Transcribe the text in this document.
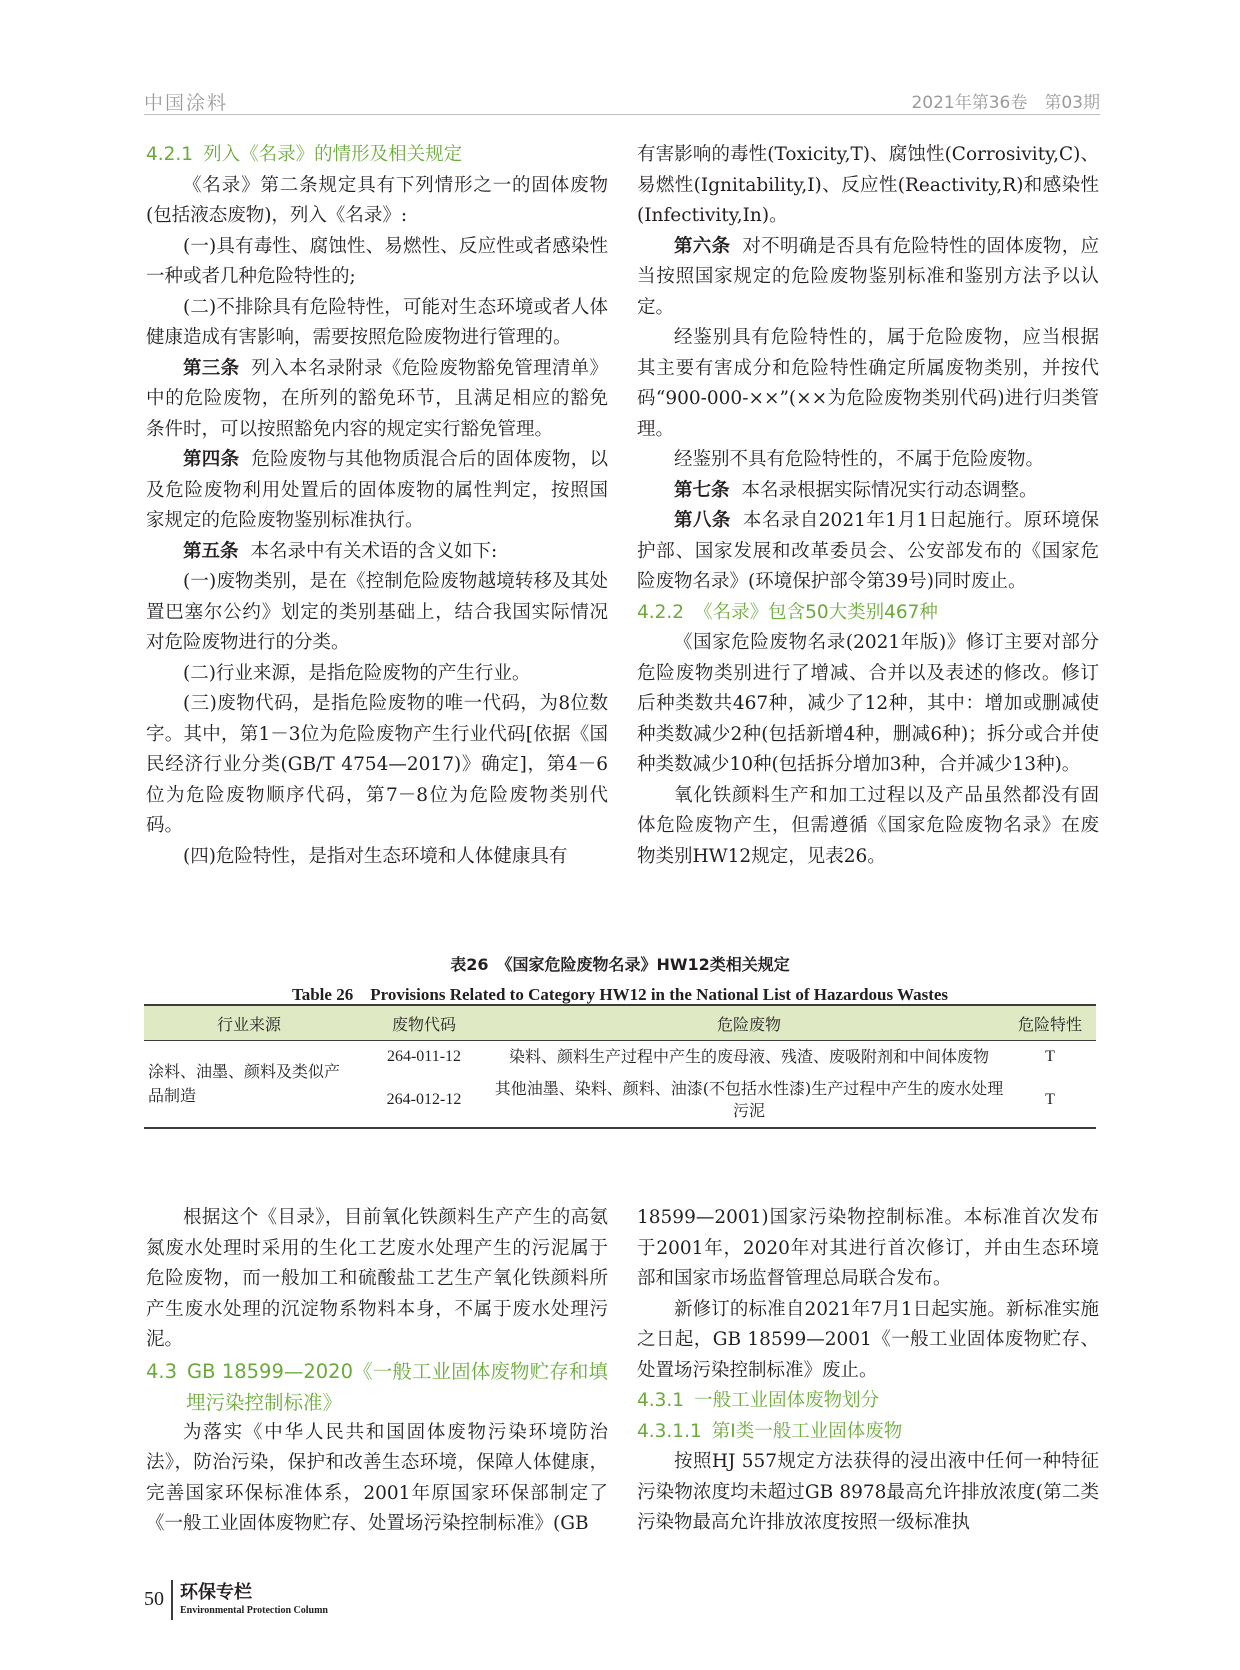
中国涂料	2021年第36卷　第03期

4.2.1 列入《名录》的情形及相关规定

《名录》第二条规定具有下列情形之一的固体废物(包括液态废物)，列入《名录》:

(一)具有毒性、腐蚀性、易燃性、反应性或者感染性一种或者几种危险特性的;

(二)不排除具有危险特性，可能对生态环境或者人体健康造成有害影响，需要按照危险废物进行管理的。

第三条 列入本名录附录《危险废物豁免管理清单》中的危险废物，在所列的豁免环节，且满足相应的豁免条件时，可以按照豁免内容的规定实行豁免管理。

第四条 危险废物与其他物质混合后的固体废物，以及危险废物利用处置后的固体废物的属性判定，按照国家规定的危险废物鉴别标准执行。

第五条 本名录中有关术语的含义如下:

(一)废物类别，是在《控制危险废物越境转移及其处置巴塞尔公约》划定的类别基础上，结合我国实际情况对危险废物进行的分类。

(二)行业来源，是指危险废物的产生行业。

(三)废物代码，是指危险废物的唯一代码，为8位数字。其中，第1－3位为危险废物产生行业代码[依据《国民经济行业分类(GB/T 4754—2017)》确定]，第4－6位为危险废物顺序代码，第7－8位为危险废物类别代码。

(四)危险特性，是指对生态环境和人体健康具有

有害影响的毒性(Toxicity,T)、腐蚀性(Corrosivity,C)、易燃性(Ignitability,I)、反应性(Reactivity,R)和感染性(Infectivity,In)。

第六条 对不明确是否具有危险特性的固体废物，应当按照国家规定的危险废物鉴别标准和鉴别方法予以认定。

经鉴别具有危险特性的，属于危险废物，应当根据其主要有害成分和危险特性确定所属废物类别，并按代码“900-000-××”(××为危险废物类别代码)进行归类管理。

经鉴别不具有危险特性的，不属于危险废物。

第七条 本名录根据实际情况实行动态调整。

第八条 本名录自2021年1月1日起施行。原环境保护部、国家发展和改革委员会、公安部发布的《国家危险废物名录》(环境保护部令第39号)同时废止。

4.2.2 《名录》包含50大类别467种

《国家危险废物名录(2021年版)》修订主要对部分危险废物类别进行了增减、合并以及表述的修改。修订后种类数共467种，减少了12种，其中：增加或删减使种类数减少2种(包括新增4种，删减6种)；拆分或合并使种类数减少10种(包括拆分增加3种，合并减少13种)。

氧化铁颜料生产和加工过程以及产品虽然都没有固体危险废物产生，但需遵循《国家危险废物名录》在废物类别HW12规定，见表26。

表26　《国家危险废物名录》HW12类相关规定
Table 26　Provisions Related to Category HW12 in the National List of Hazardous Wastes
行业来源	废物代码	危险废物	危险特性
涂料、油墨、颜料及类似产品制造	264-011-12	染料、颜料生产过程中产生的废母液、残渣、废吸附剂和中间体废物	T
	264-012-12	其他油墨、染料、颜料、油漆(不包括水性漆)生产过程中产生的废水处理污泥	T

根据这个《目录》，目前氧化铁颜料生产产生的高氨氮废水处理时采用的生化工艺废水处理产生的污泥属于危险废物，而一般加工和硫酸盐工艺生产氧化铁颜料所产生废水处理的沉淀物系物料本身，不属于废水处理污泥。

4.3 GB 18599—2020《一般工业固体废物贮存和填埋污染控制标准》

为落实《中华人民共和国固体废物污染环境防治法》，防治污染，保护和改善生态环境，保障人体健康，完善国家环保标准体系，2001年原国家环保部制定了《一般工业固体废物贮存、处置场污染控制标准》(GB

18599—2001)国家污染物控制标准。本标准首次发布于2001年，2020年对其进行首次修订，并由生态环境部和国家市场监督管理总局联合发布。

新修订的标准自2021年7月1日起实施。新标准实施之日起，GB 18599—2001《一般工业固体废物贮存、处置场污染控制标准》废止。

4.3.1 一般工业固体废物划分

4.3.1.1 第Ⅰ类一般工业固体废物

按照HJ 557规定方法获得的浸出液中任何一种特征污染物浓度均未超过GB 8978最高允许排放浓度(第二类污染物最高允许排放浓度按照一级标准执

50 环保专栏
Environmental Protection Column
